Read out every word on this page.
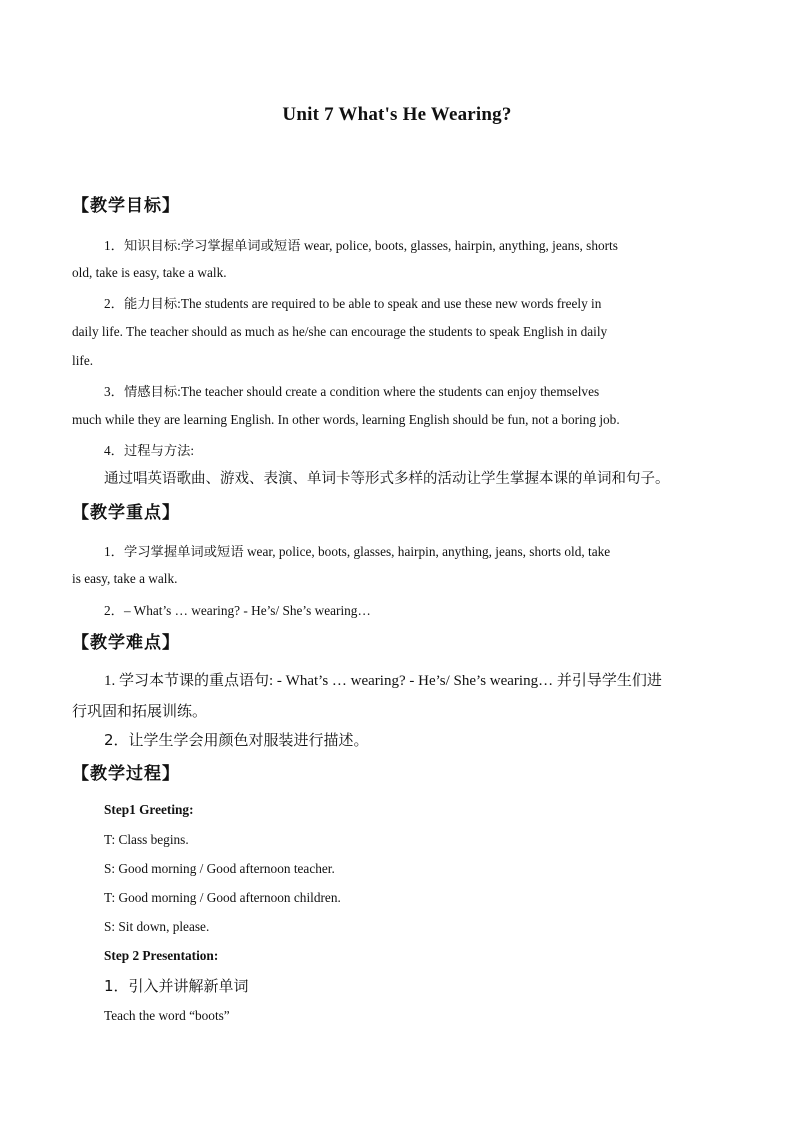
Unit 7 What's He Wearing?
【教学目标】
1．知识目标:学习掌握单词或短语 wear, police, boots, glasses, hairpin, anything, jeans, shorts
old, take is easy, take a walk.
2．能力目标:The students are required to be able to speak and use these new words freely in
daily life. The teacher should as much as he/she can encourage the students to speak English in daily
life.
3．情感目标:The teacher should create a condition where the students can enjoy themselves
much while they are learning English. In other words, learning English should be fun, not a boring job.
4．过程与方法:
通过唱英语歌曲、游戏、表演、单词卡等形式多样的活动让学生掌握本课的单词和句子。
【教学重点】
1．学习掌握单词或短语 wear, police, boots, glasses, hairpin, anything, jeans, shorts old, take
is easy, take a walk.
2．– What’s … wearing? - He’s/ She’s wearing…
【教学难点】
1. 学习本节课的重点语句: - What’s … wearing? - He’s/ She’s wearing… 并引导学生们进
行巩固和拓展训练。
2．让学生学会用颜色对服装进行描述。
【教学过程】
Step1 Greeting:
T: Class begins.
S: Good morning / Good afternoon teacher.
T: Good morning / Good afternoon children.
S: Sit down, please.
Step 2 Presentation:
1．引入并讲解新单词
Teach the word “boots”
